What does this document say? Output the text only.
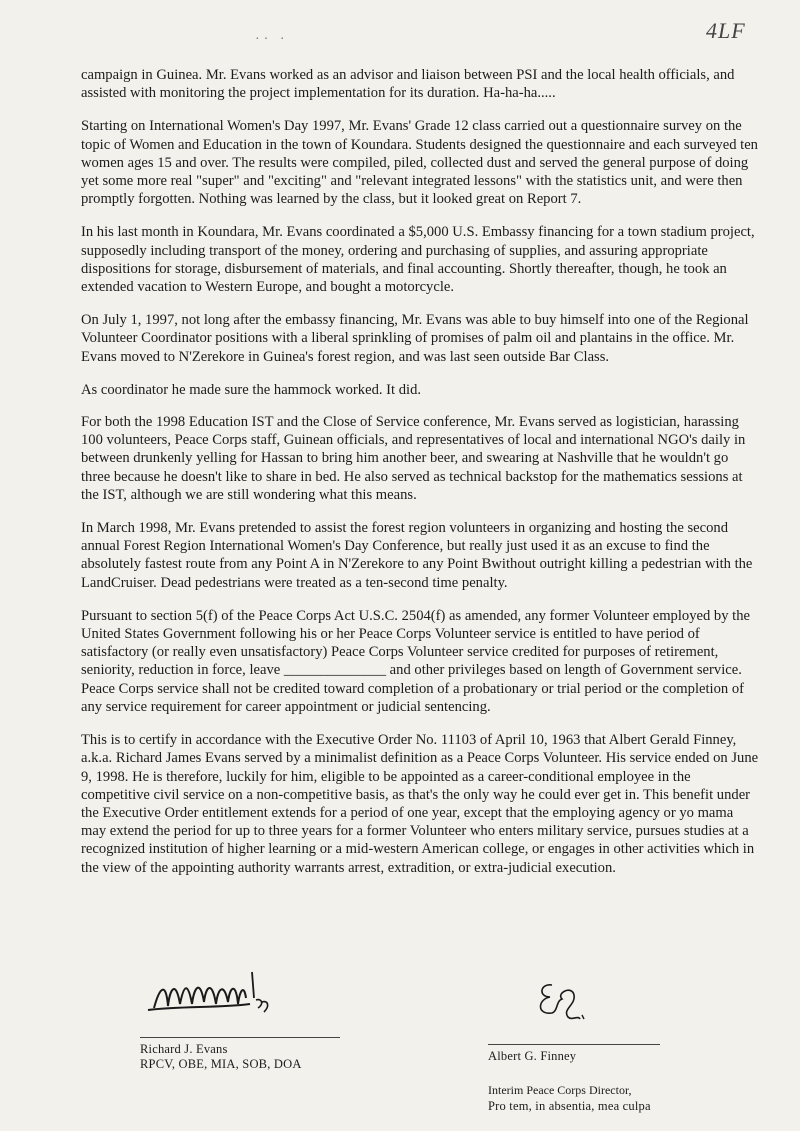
·· ·	4LF

campaign in Guinea. Mr. Evans worked as an advisor and liaison between PSI and the local health officials, and assisted with monitoring the project implementation for its duration. Ha-ha-ha.....

Starting on International Women's Day 1997, Mr. Evans' Grade 12 class carried out a questionnaire survey on the topic of Women and Education in the town of Koundara. Students designed the questionnaire and each surveyed ten women ages 15 and over. The results were compiled, piled, collected dust and served the general purpose of doing yet some more real "super" and "exciting" and "relevant integrated lessons" with the statistics unit, and were then promptly forgotten. Nothing was learned by the class, but it looked great on Report 7.

In his last month in Koundara, Mr. Evans coordinated a $5,000 U.S. Embassy financing for a town stadium project, supposedly including transport of the money, ordering and purchasing of supplies, and assuring appropriate dispositions for storage, disbursement of materials, and final accounting. Shortly thereafter, though, he took an extended vacation to Western Europe, and bought a motorcycle.

On July 1, 1997, not long after the embassy financing, Mr. Evans was able to buy himself into one of the Regional Volunteer Coordinator positions with a liberal sprinkling of promises of palm oil and plantains in the office. Mr. Evans moved to N'Zerekore in Guinea's forest region, and was last seen outside Bar Class.

As coordinator he made sure the hammock worked. It did.

For both the 1998 Education IST and the Close of Service conference, Mr. Evans served as logistician, harassing 100 volunteers, Peace Corps staff, Guinean officials, and representatives of local and international NGO's daily in between drunkenly yelling for Hassan to bring him another beer, and swearing at Nashville that he wouldn't go three because he doesn't like to share in bed. He also served as technical backstop for the mathematics sessions at the IST, although we are still wondering what this means.

In March 1998, Mr. Evans pretended to assist the forest region volunteers in organizing and hosting the second annual Forest Region International Women's Day Conference, but really just used it as an excuse to find the absolutely fastest route from any Point A in N'Zerekore to any Point Bwithout outright killing a pedestrian with the LandCruiser. Dead pedestrians were treated as a ten-second time penalty.

Pursuant to section 5(f) of the Peace Corps Act U.S.C. 2504(f) as amended, any former Volunteer employed by the United States Government following his or her Peace Corps Volunteer service is entitled to have period of satisfactory (or really even unsatisfactory) Peace Corps Volunteer service credited for purposes of retirement, seniority, reduction in force, leave ______________ and other privileges based on length of Government service. Peace Corps service shall not be credited toward completion of a probationary or trial period or the completion of any service requirement for career appointment or judicial sentencing.

This is to certify in accordance with the Executive Order No. 11103 of April 10, 1963 that Albert Gerald Finney, a.k.a. Richard James Evans served by a minimalist definition as a Peace Corps Volunteer. His service ended on June 9, 1998. He is therefore, luckily for him, eligible to be appointed as a career-conditional employee in the competitive civil service on a non-competitive basis, as that's the only way he could ever get in. This benefit under the Executive Order entitlement extends for a period of one year, except that the employing agency or yo mama may extend the period for up to three years for a former Volunteer who enters military service, pursues studies at a recognized institution of higher learning or a mid-western American college, or engages in other activities which in the view of the appointing authority warrants arrest, extradition, or extra-judicial execution.

Richard J. Evans
RPCV, OBE, MIA, SOB, DOA
Albert G. Finney
Interim Peace Corps Director,
Pro tem, in absentia, mea culpa
